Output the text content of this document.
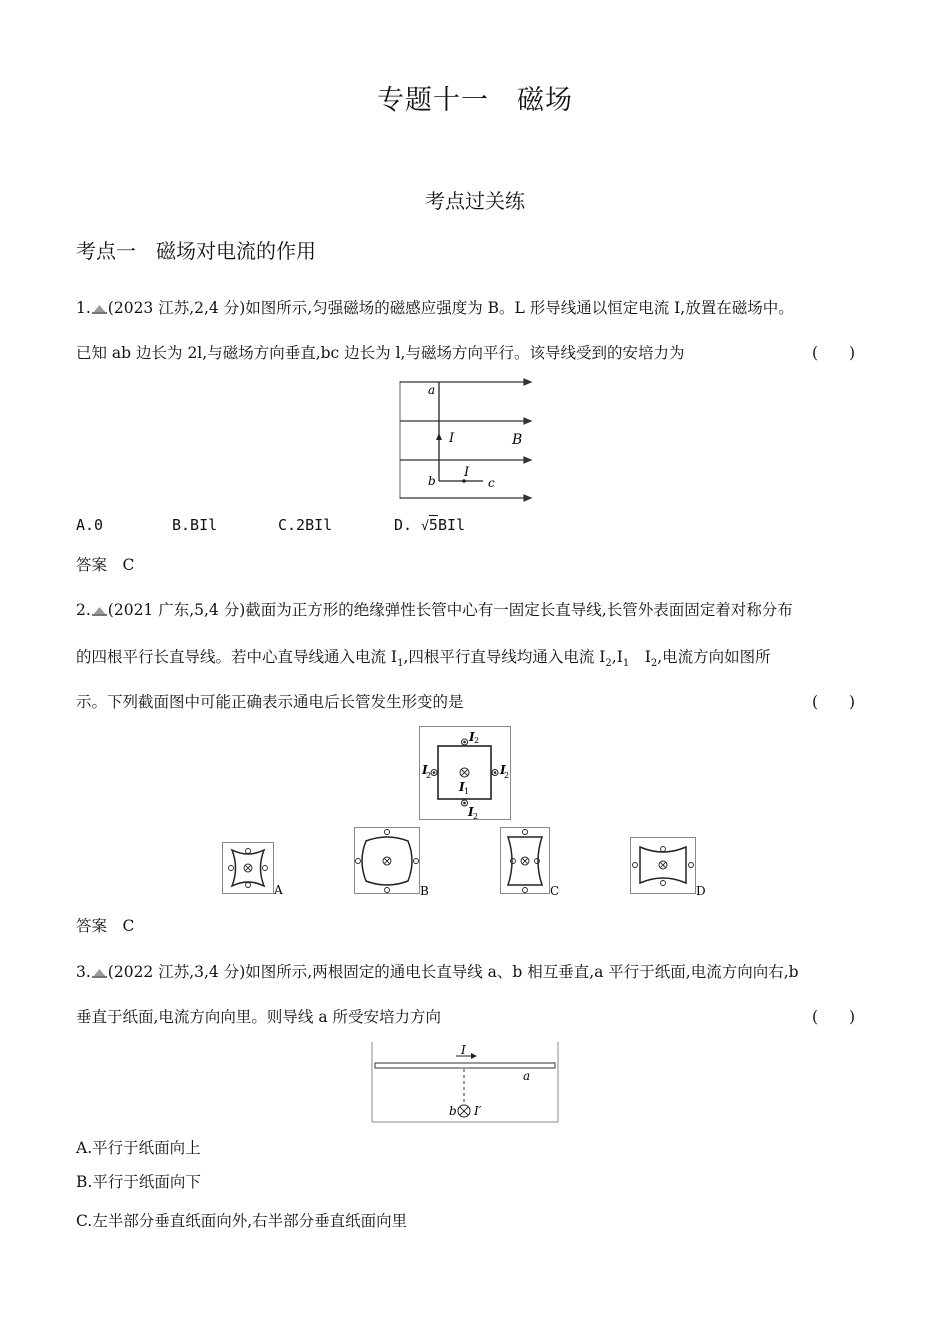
专题十一　磁场
考点过关练
考点一　磁场对电流的作用
1. (2023 江苏,2,4 分)如图所示,匀强磁场的磁感应强度为 B。L 形导线通以恒定电流 I,放置在磁场中。
已知 ab 边长为 2l,与磁场方向垂直,bc 边长为 l,与磁场方向平行。该导线受到的安培力为	(　　)
a
b	c
I
I
B
A.0	B.BIl	C.2BIl	D. √5BIl
答案　C
2. (2021 广东,5,4 分)截面为正方形的绝缘弹性长管中心有一固定长直导线,长管外表面固定着对称分布
的四根平行长直导线。若中心直导线通入电流 $I_1$,四根平行直导线均通入电流 $I_2,I_1$　$I_2$,电流方向如图所
示。下列截面图中可能正确表示通电后长管发生形变的是	(　　)
I 2
I
2	I
2
I 1
I 2
A	B	C	D
答案　C
3. (2022 江苏,3,4 分)如图所示,两根固定的通电长直导线 a、b 相互垂直,a 平行于纸面,电流方向向右,b
垂直于纸面,电流方向向里。则导线 a 所受安培力方向	(　　)
I
a
b I′
A.平行于纸面向上
B.平行于纸面向下
C.左半部分垂直纸面向外,右半部分垂直纸面向里
